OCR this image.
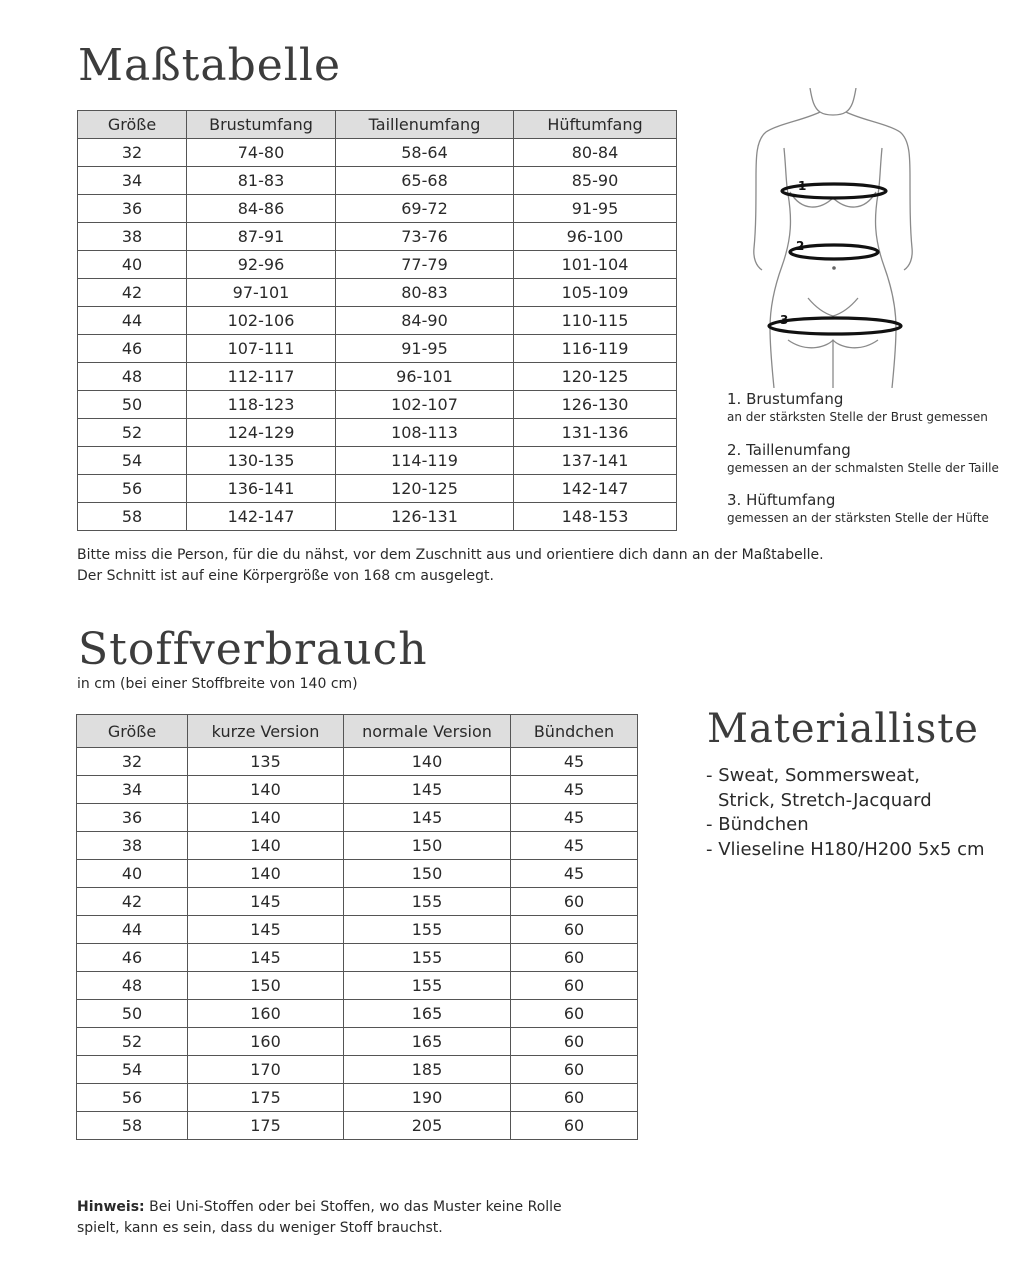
Maßtabelle
Größe	Brustumfang	Taillenumfang	Hüftumfang
32	74-80	58-64	80-84
34	81-83	65-68	85-90
36	84-86	69-72	91-95
38	87-91	73-76	96-100
40	92-96	77-79	101-104
42	97-101	80-83	105-109
44	102-106	84-90	110-115
46	107-111	91-95	116-119
48	112-117	96-101	120-125
50	118-123	102-107	126-130
52	124-129	108-113	131-136
54	130-135	114-119	137-141
56	136-141	120-125	142-147
58	142-147	126-131	148-153

Bitte miss die Person, für die du nähst, vor dem Zuschnitt aus und orientiere dich dann an der Maßtabelle.
Der Schnitt ist auf eine Körpergröße von 168 cm ausgelegt.

1
2
3
1. Brustumfang
an der stärksten Stelle der Brust gemessen
2. Taillenumfang
gemessen an der schmalsten Stelle der Taille
3. Hüftumfang
gemessen an der stärksten Stelle der Hüfte
Stoffverbrauch

in cm (bei einer Stoffbreite von 140 cm)

Größe	kurze Version	normale Version	Bündchen
32	135	140	45
34	140	145	45
36	140	145	45
38	140	150	45
40	140	150	45
42	145	155	60
44	145	155	60
46	145	155	60
48	150	155	60
50	160	165	60
52	160	165	60
54	170	185	60
56	175	190	60
58	175	205	60
Materialliste
- Sweat, Sommersweat, Strick, Stretch-Jacquard
- Bündchen
- Vlieseline H180/H200 5x5 cm

Hinweis: Bei Uni-Stoffen oder bei Stoffen, wo das Muster keine Rolle
spielt, kann es sein, dass du weniger Stoff brauchst.
